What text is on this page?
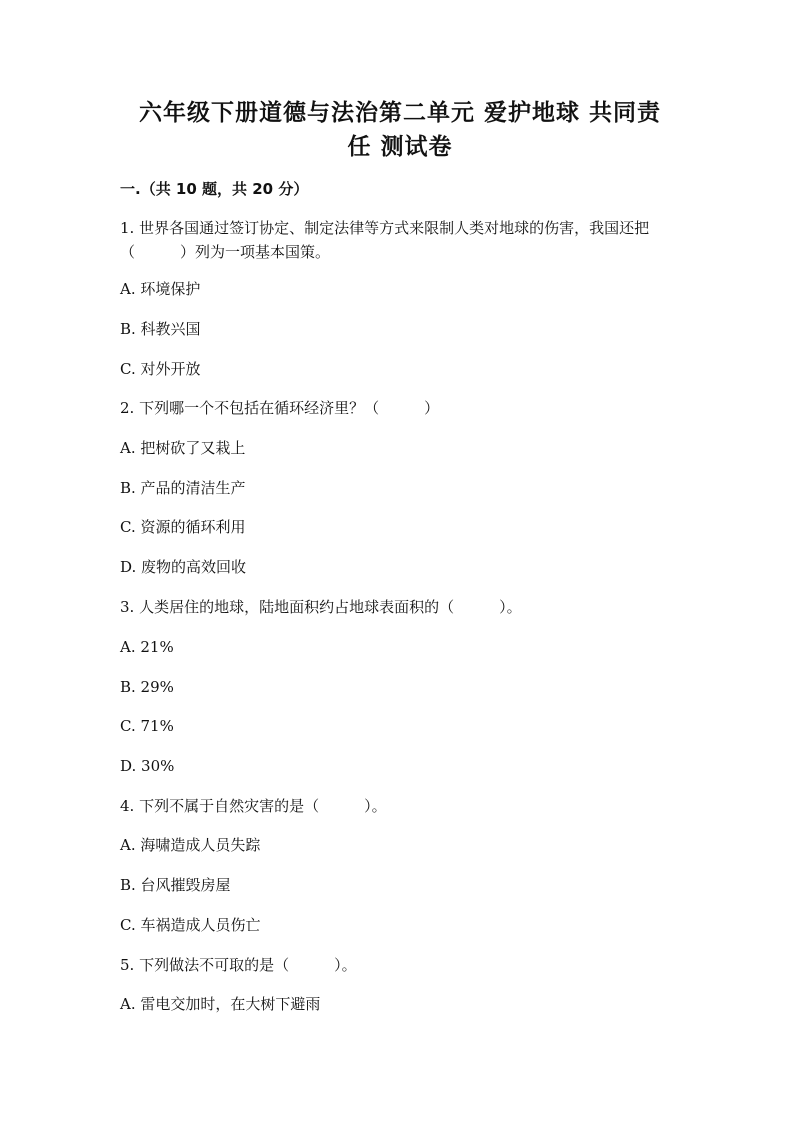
六年级下册道德与法治第二单元 爱护地球 共同责
任 测试卷
一.（共 10 题，共 20 分）
1. 世界各国通过签订协定、制定法律等方式来限制人类对地球的伤害，我国还把（　　　）列为一项基本国策。
A. 环境保护
B. 科教兴国
C. 对外开放
2. 下列哪一个不包括在循环经济里？（　　　）
A. 把树砍了又栽上
B. 产品的清洁生产
C. 资源的循环利用
D. 废物的高效回收
3. 人类居住的地球，陆地面积约占地球表面积的（　　　）。
A. 21%
B. 29%
C. 71%
D. 30%
4. 下列不属于自然灾害的是（　　　）。
A. 海啸造成人员失踪
B. 台风摧毁房屋
C. 车祸造成人员伤亡
5. 下列做法不可取的是（　　　）。
A. 雷电交加时，在大树下避雨
